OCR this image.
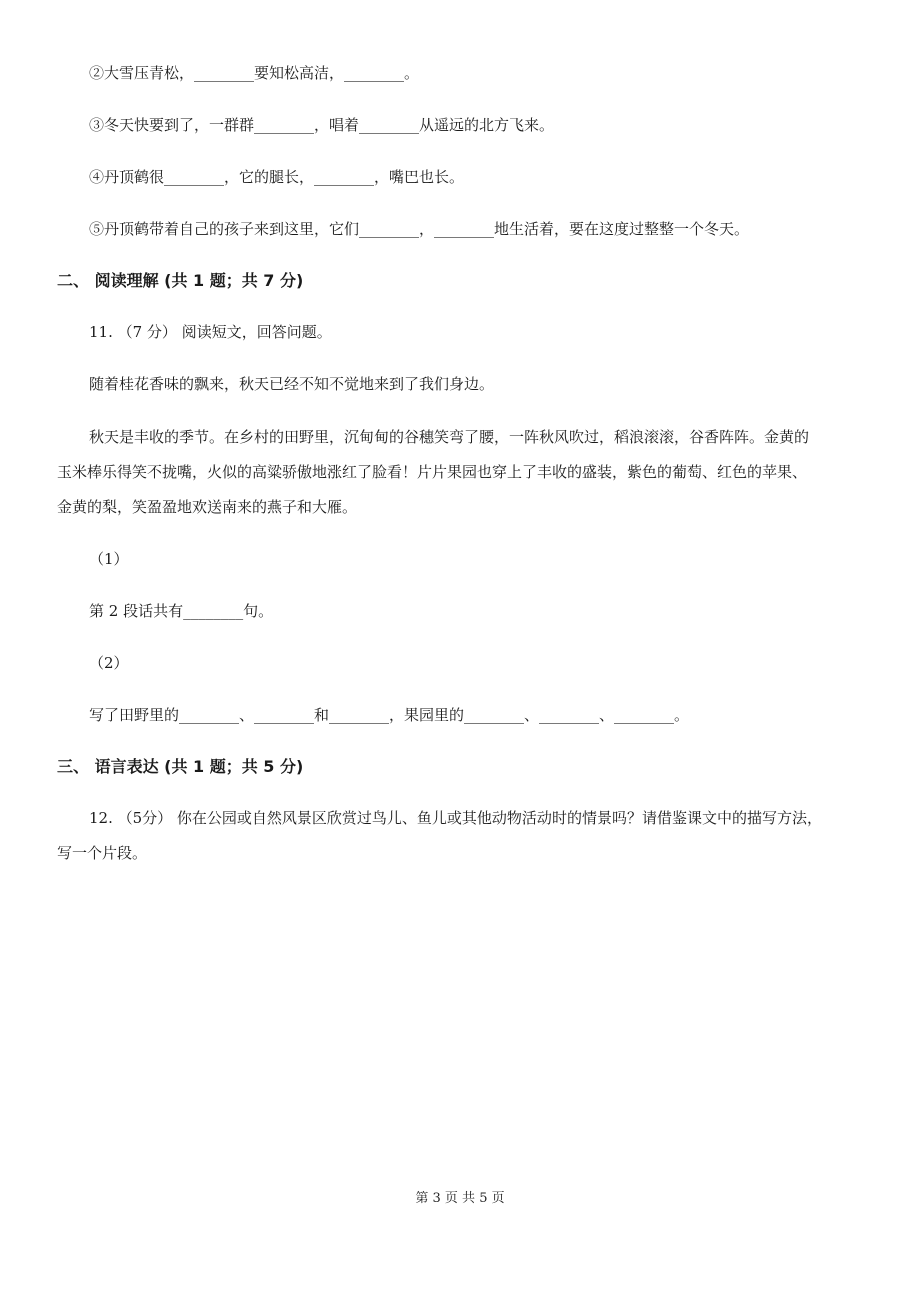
②大雪压青松，________要知松高洁，________。
③冬天快要到了，一群群________，唱着________从遥远的北方飞来。
④丹顶鹤很________，它的腿长，________，嘴巴也长。
⑤丹顶鹤带着自己的孩子来到这里，它们________，________地生活着，要在这度过整整一个冬天。
二、 阅读理解 (共 1 题；共 7 分)
11. （7 分） 阅读短文，回答问题。
随着桂花香味的飘来，秋天已经不知不觉地来到了我们身边。
秋天是丰收的季节。在乡村的田野里，沉甸甸的谷穗笑弯了腰，一阵秋风吹过，稻浪滚滚，谷香阵阵。金黄的
玉米棒乐得笑不拢嘴，火似的高粱骄傲地涨红了脸看！片片果园也穿上了丰收的盛装，紫色的葡萄、红色的苹果、
金黄的梨，笑盈盈地欢送南来的燕子和大雁。
（1）
第 2 段话共有________句。
（2）
写了田野里的________、________和________，果园里的________、________、________。
三、 语言表达 (共 1 题；共 5 分)
12. （5分） 你在公园或自然风景区欣赏过鸟儿、鱼儿或其他动物活动时的情景吗？请借鉴课文中的描写方法，
写一个片段。
第 3 页 共 5 页
